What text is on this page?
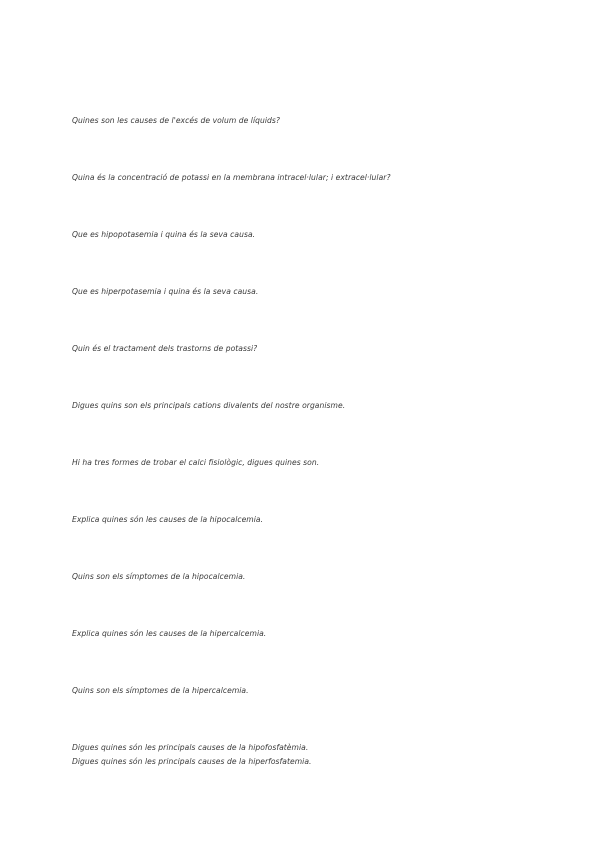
Quines son les causes de l'excés de volum de líquids?

Quina és la concentració de potassi en la membrana intracel·lular; i extracel·lular?

Que es hipopotasemia i quina és la seva causa.

Que es hiperpotasemia i quina és la seva causa.

Quin és el tractament dels trastorns de potassi?

Digues quins son els principals cations divalents del nostre organisme.

Hi ha tres formes de trobar el calci fisiològic, digues quines son.

Explica quines són les causes de la hipocalcemia.

Quins son els símptomes de la hipocalcemia.

Explica quines són les causes de la hipercalcemia.

Quins son els símptomes de la hipercalcemia.

Digues quines són les principals causes de la hipofosfatèmia.

Digues quines són les principals causes de la hiperfosfatemia.
